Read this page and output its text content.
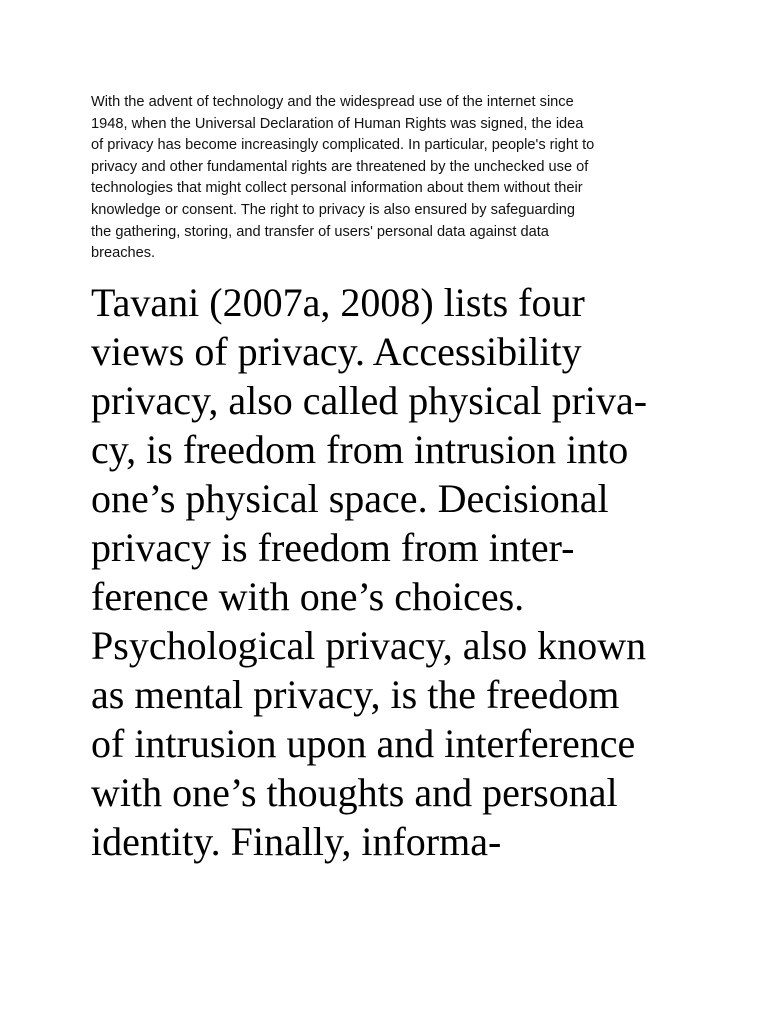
With the advent of technology and the widespread use of the internet since
1948, when the Universal Declaration of Human Rights was signed, the idea
of privacy has become increasingly complicated. In particular, people's right to
privacy and other fundamental rights are threatened by the unchecked use of
technologies that might collect personal information about them without their
knowledge or consent. The right to privacy is also ensured by safeguarding
the gathering, storing, and transfer of users' personal data against data
breaches.
Tavani (2007a, 2008) lists four
views of privacy. Accessibility
privacy, also called physical priva-
cy, is freedom from intrusion into
one’s physical space. Decisional
privacy is freedom from inter-
ference with one’s choices.
Psychological privacy, also known
as mental privacy, is the freedom
of intrusion upon and interference
with one’s thoughts and personal
identity. Finally, informa-
